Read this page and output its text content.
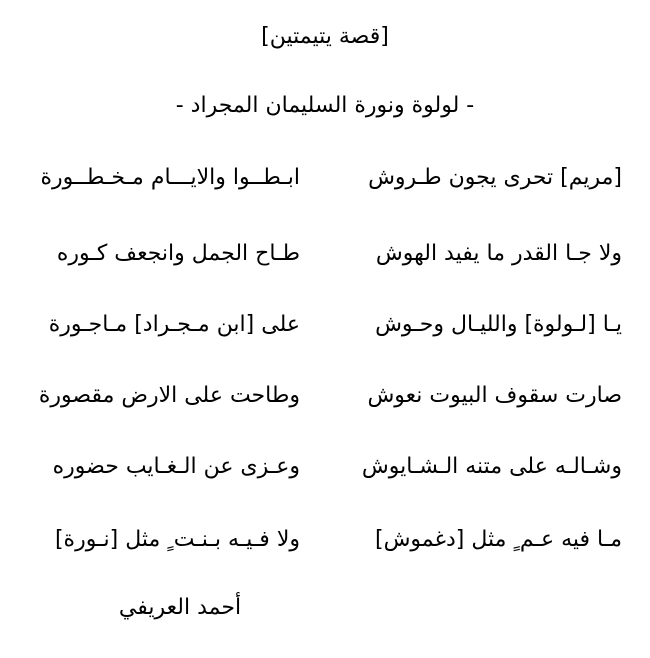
[قصة يتيمتين]
- لولوة ونورة السليمان المجراد -
[مريم] تحرى يجون طـروش
ابـطــوا والايـــام مـخـطــورة
ولا جـا القدر ما يفيد الهوش
طـاح الجمل وانجعف كـوره
يـا [لـولوة] والليـال وحـوش
على [ابن مـجـراد] مـاجـورة
صارت سقوف البيوت نعوش
وطاحت على الارض مقصورة
وشـالـه على متنه الـشـايوش
وعـزى عن الـغـايب حضوره
مـا فيه عـم ٍ مثل [دغموش]
ولا فـيـه بـنـت ٍ مثل [نـورة]
أحمد العريفي
